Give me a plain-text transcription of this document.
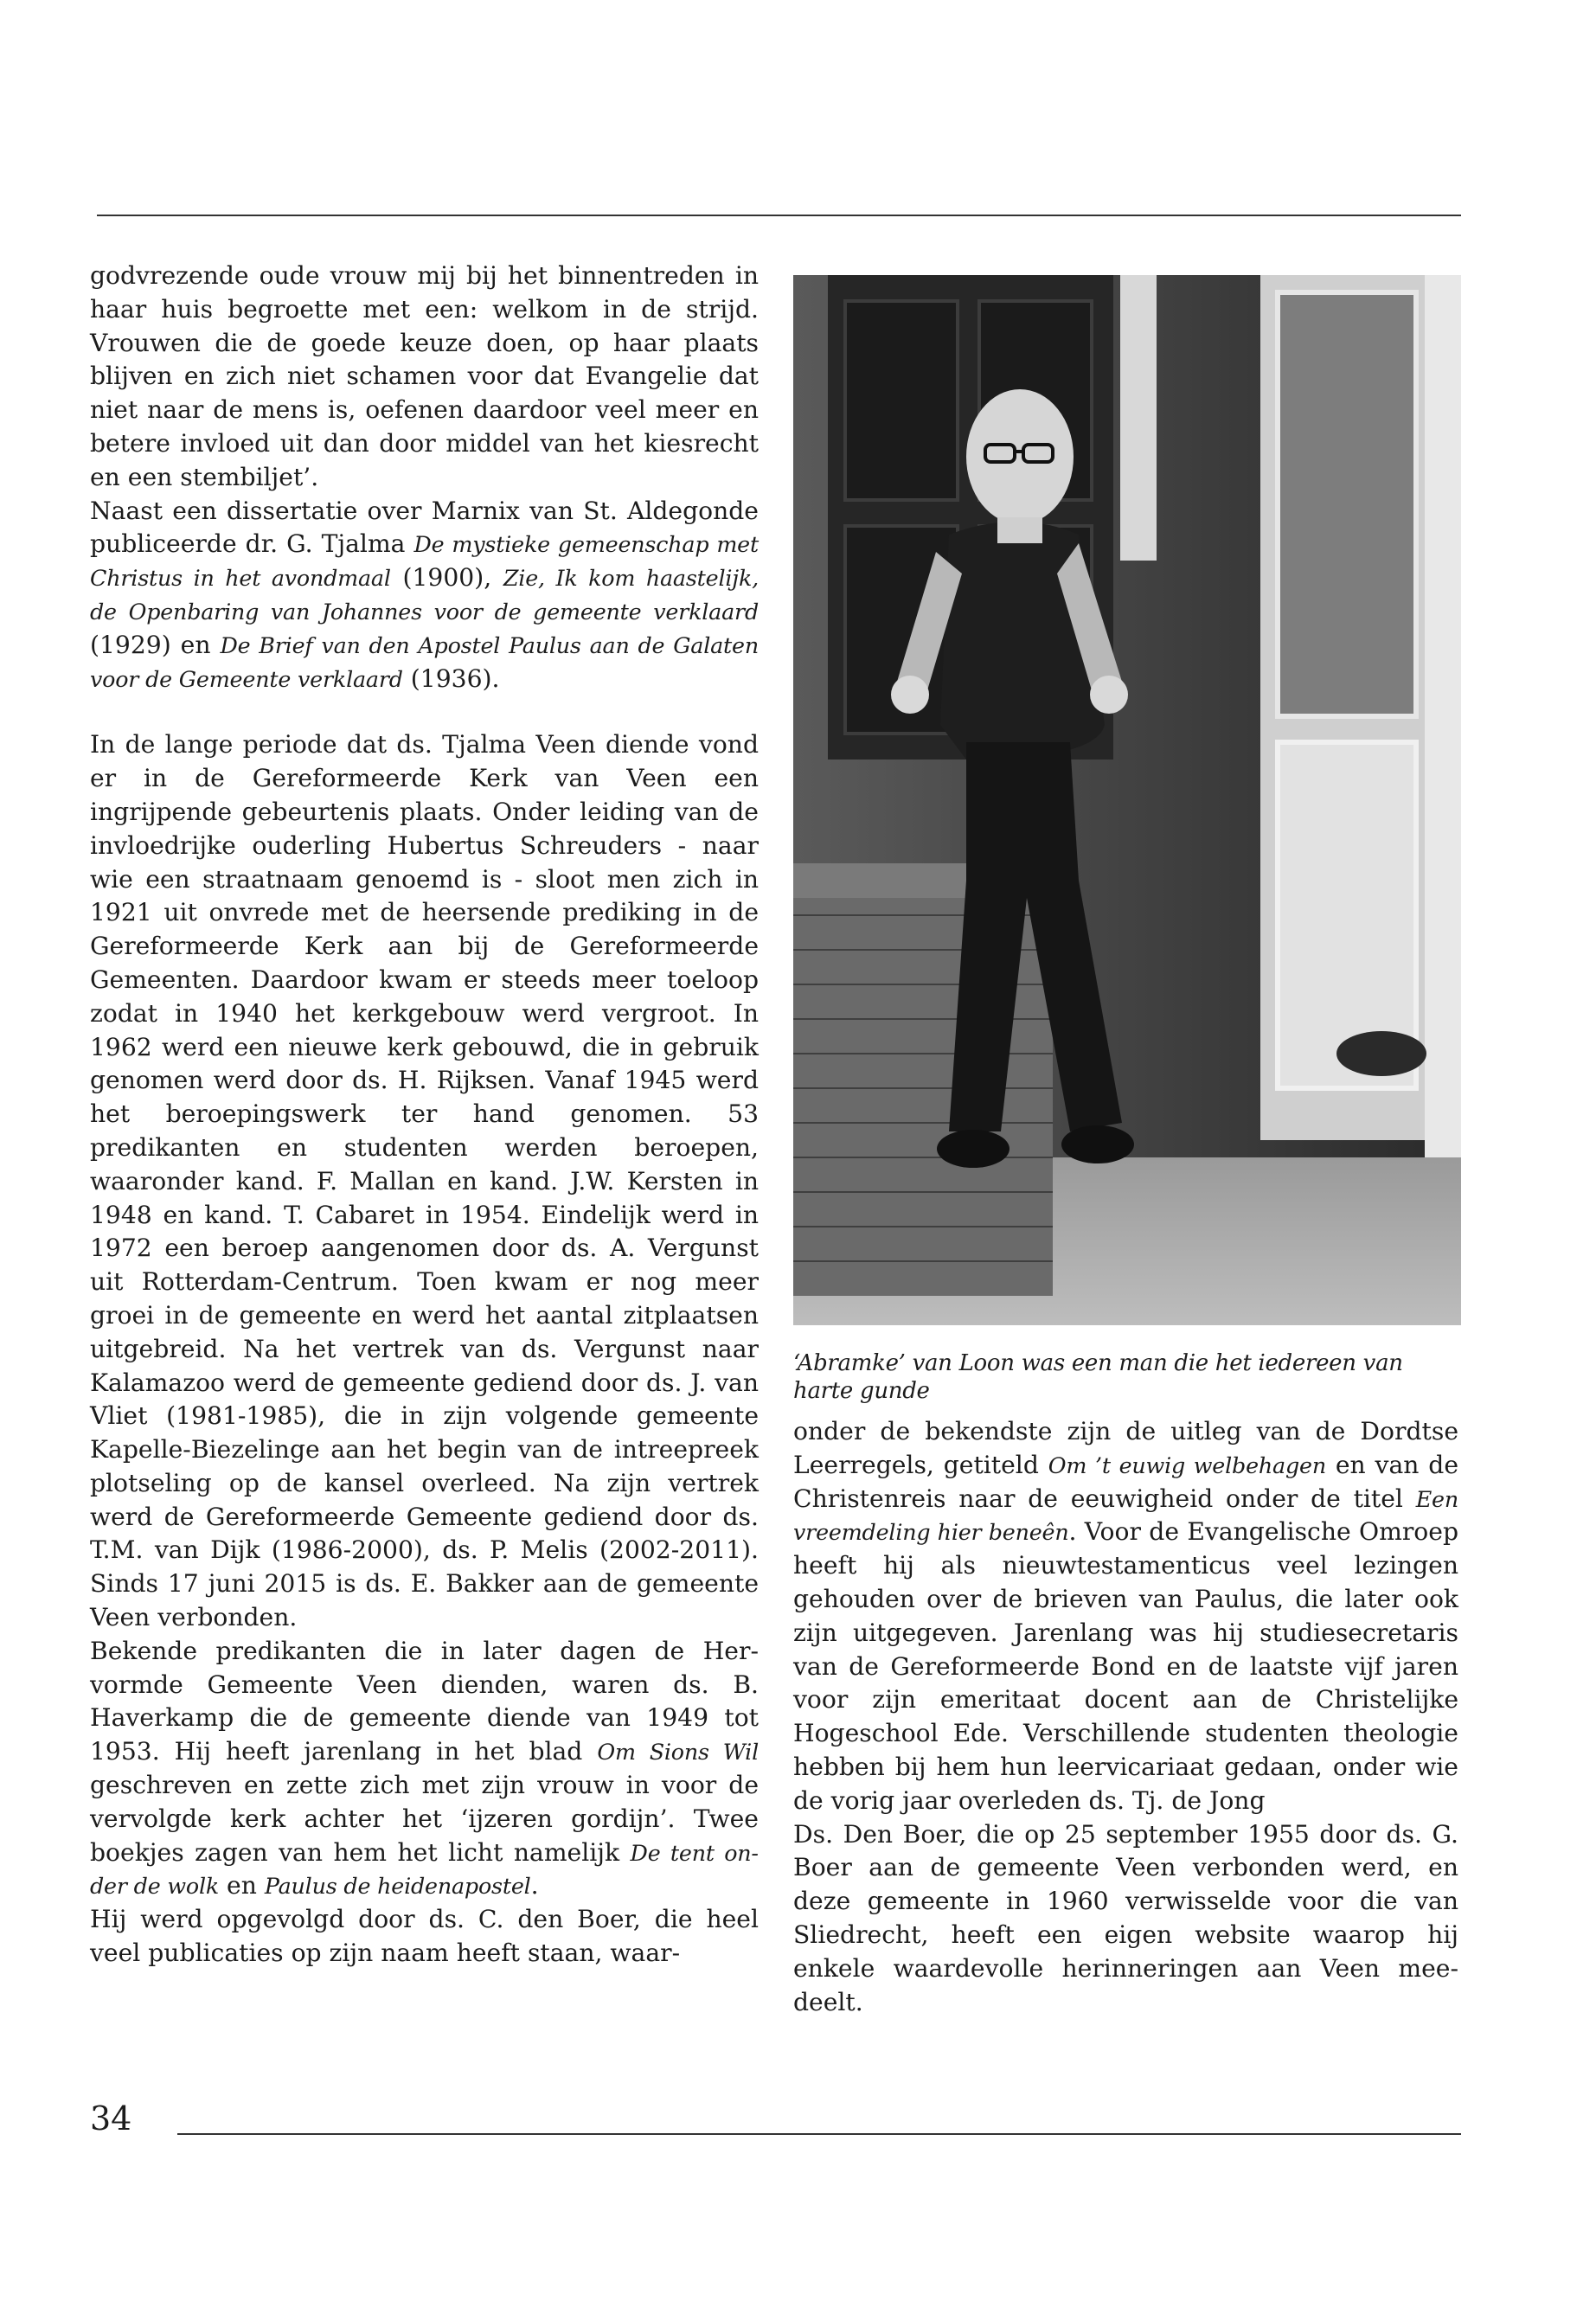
godvrezende oude vrouw mij bij het binnentreden in haar huis begroette met een: welkom in de strijd. Vrouwen die de goede keuze doen, op haar plaats blijven en zich niet schamen voor dat Evangelie dat niet naar de mens is, oefenen daardoor veel meer en betere invloed uit dan door middel van het kiesrecht en een stembiljet’.

Naast een dissertatie over Marnix van St. Aldegonde publiceerde dr. G. Tjalma De mystieke gemeenschap met Christus in het avondmaal (1900), Zie, Ik kom haastelijk, de Openbaring van Johannes voor de gemeente verklaard (1929) en De Brief van den Apostel Paulus aan de Galaten voor de Gemeente verklaard (1936).

In de lange periode dat ds. Tjalma Veen diende vond er in de Gereformeerde Kerk van Veen een ingrijpende gebeurtenis plaats. Onder leiding van de invloedrijke ouderling Hubertus Schreuders - naar wie een straatnaam genoemd is - sloot men zich in 1921 uit onvrede met de heersende prediking in de Gereformeerde Kerk aan bij de Gereformeerde Gemeenten. Daardoor kwam er steeds meer toeloop zodat in 1940 het kerkgebouw werd vergroot. In 1962 werd een nieuwe kerk gebouwd, die in gebruik genomen werd door ds. H. Rijksen. Vanaf 1945 werd het beroepingswerk ter hand genomen. 53 predikanten en studenten werden beroepen, waaronder kand. F. Mallan en kand. J.W. Kersten in 1948 en kand. T. Cabaret in 1954. Eindelijk werd in 1972 een beroep aangenomen door ds. A. Vergunst uit Rotterdam-Centrum. Toen kwam er nog meer groei in de gemeente en werd het aantal zitplaatsen uitgebreid. Na het vertrek van ds. Vergunst naar Kalamazoo werd de gemeente gediend door ds. J. van Vliet (1981-1985), die in zijn volgende gemeente Kapelle-Biezelinge aan het begin van de intreepreek plotseling op de kansel overleed. Na zijn vertrek werd de Gereformeerde Gemeente gediend door ds. T.M. van Dijk (1986-2000), ds. P. Melis (2002-2011). Sinds 17 juni 2015 is ds. E. Bakker aan de gemeente Veen verbonden.

Bekende predikanten die in later dagen de Hervormde Gemeente Veen dienden, waren ds. B. Haverkamp die de gemeente diende van 1949 tot 1953. Hij heeft jarenlang in het blad Om Sions Wil geschreven en zette zich met zijn vrouw in voor de vervolgde kerk achter het ‘ijzeren gordijn’. Twee boekjes zagen van hem het licht namelijk De tent onder de wolk en Paulus de heidenapostel.

Hij werd opgevolgd door ds. C. den Boer, die heel veel publicaties op zijn naam heeft staan, waar-

‘Abramke’ van Loon was een man die het iedereen van harte gunde

onder de bekendste zijn de uitleg van de Dordtse Leerregels, getiteld Om ’t euwig welbehagen en van de Christenreis naar de eeuwigheid onder de titel Een vreemdeling hier beneên. Voor de Evangelische Omroep heeft hij als nieuwtestamenticus veel lezingen gehouden over de brieven van Paulus, die later ook zijn uitgegeven. Jarenlang was hij studiesecretaris van de Gereformeerde Bond en de laatste vijf jaren voor zijn emeritaat docent aan de Christelijke Hogeschool Ede. Verschillende studenten theologie hebben bij hem hun leervicariaat gedaan, onder wie de vorig jaar overleden ds. Tj. de Jong

Ds. Den Boer, die op 25 september 1955 door ds. G. Boer aan de gemeente Veen verbonden werd, en deze gemeente in 1960 verwisselde voor die van Sliedrecht, heeft een eigen website waarop hij enkele waardevolle herinneringen aan Veen meedeelt.

34
